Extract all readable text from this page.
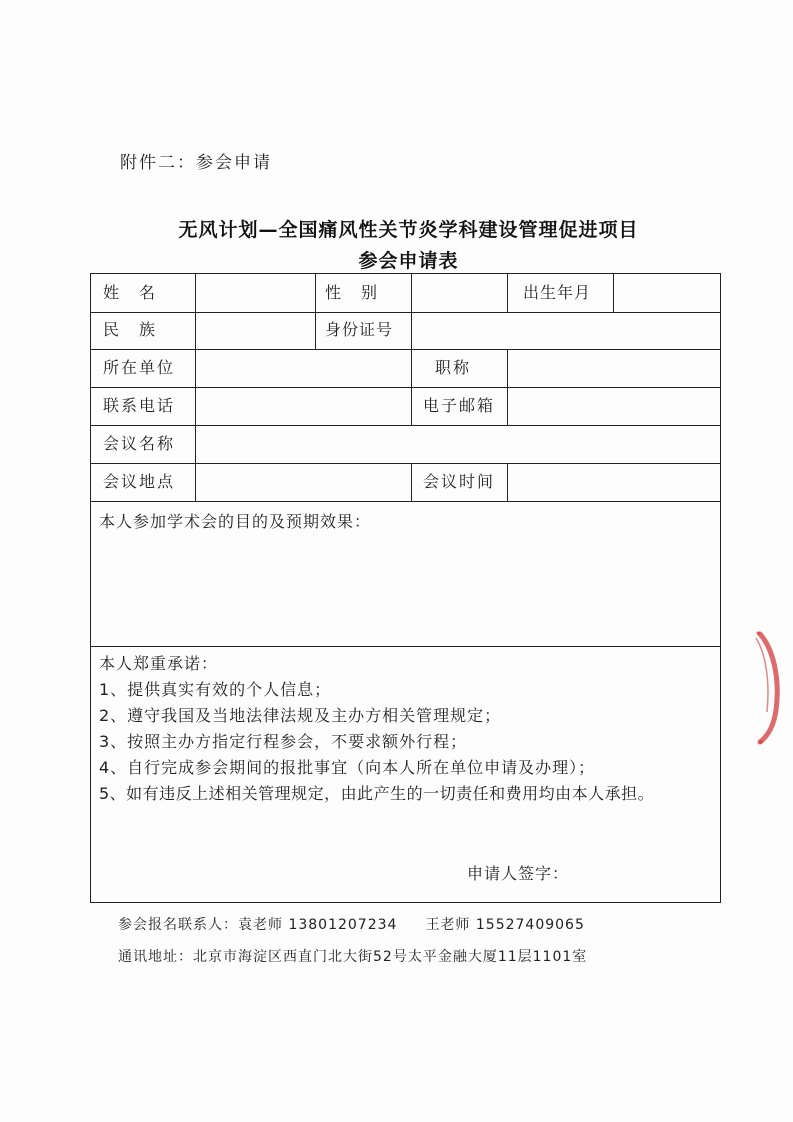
附件二：参会申请
无风计划—全国痛风性关节炎学科建设管理促进项目
参会申请表
姓　名	性　别	出生年月
民　族	身份证号
所在单位	职称
联系电话	电子邮箱
会议名称
会议地点	会议时间
本人参加学术会的目的及预期效果：
本人郑重承诺：
1、提供真实有效的个人信息；
2、遵守我国及当地法律法规及主办方相关管理规定；
3、按照主办方指定行程参会，不要求额外行程；
4、自行完成参会期间的报批事宜（向本人所在单位申请及办理）；
5、如有违反上述相关管理规定，由此产生的一切责任和费用均由本人承担。
申请人签字：
参会报名联系人：袁老师 13801207234 王老师 15527409065
通讯地址：北京市海淀区西直门北大街52号太平金融大厦11层1101室
